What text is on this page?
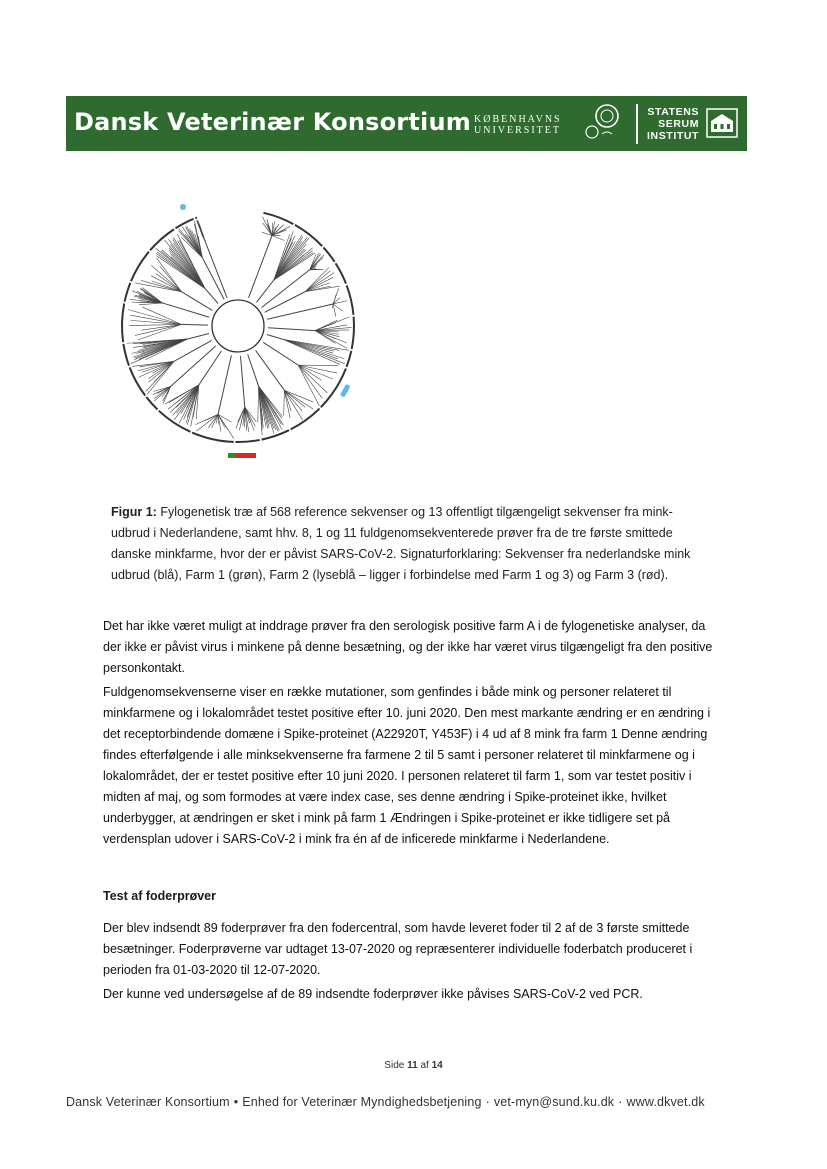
Dansk Veterinær Konsortium KØBENHAVNS
UNIVERSITET
STATENS
SERUM
INSTITUT
Figur 1: Fylogenetisk træ af 568 reference sekvenser og 13 offentligt tilgængeligt sekvenser fra mink-udbrud i Nederlandene, samt hhv. 8, 1 og 11 fuldgenomsekventerede prøver fra de tre første smittede danske minkfarme, hvor der er påvist SARS-CoV-2. Signaturforklaring: Sekvenser fra nederlandske mink udbrud (blå), Farm 1 (grøn), Farm 2 (lyseblå – ligger i forbindelse med Farm 1 og 3) og Farm 3 (rød).

Det har ikke været muligt at inddrage prøver fra den serologisk positive farm A i de fylogenetiske analyser, da der ikke er påvist virus i minkene på denne besætning, og der ikke har været virus tilgængeligt fra den positive personkontakt.

Fuldgenomsekvenserne viser en række mutationer, som genfindes i både mink og personer relateret til minkfarmene og i lokalområdet testet positive efter 10. juni 2020. Den mest markante ændring er en ændring i det receptorbindende domæne i Spike-proteinet (A22920T, Y453F) i 4 ud af 8 mink fra farm 1 Denne ændring findes efterfølgende i alle minksekvenserne fra farmene 2 til 5 samt i personer relateret til minkfarmene og i lokalområdet, der er testet positive efter 10 juni 2020. I personen relateret til farm 1, som var testet positiv i midten af maj, og som formodes at være index case, ses denne ændring i Spike-proteinet ikke, hvilket underbygger, at ændringen er sket i mink på farm 1 Ændringen i Spike-proteinet er ikke tidligere set på verdensplan udover i SARS-CoV-2 i mink fra én af de inficerede minkfarme i Nederlandene.

Test af foderprøver

Der blev indsendt 89 foderprøver fra den fodercentral, som havde leveret foder til 2 af de 3 første smittede besætninger. Foderprøverne var udtaget 13-07-2020 og repræsenterer individuelle foderbatch produceret i perioden fra 01-03-2020 til 12-07-2020.

Der kunne ved undersøgelse af de 89 indsendte foderprøver ikke påvises SARS-CoV-2 ved PCR.

Side 11 af 14
Dansk Veterinær Konsortium • Enhed for Veterinær Myndighedsbetjening · vet-myn@sund.ku.dk · www.dkvet.dk
